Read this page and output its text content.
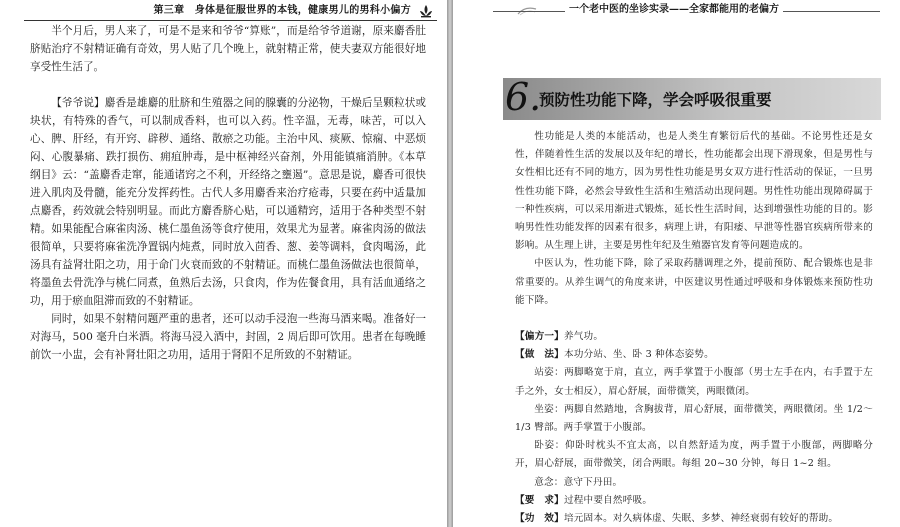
第三章　身体是征服世界的本钱，健康男儿的男科小偏方

半个月后，男人来了，可是不是来和爷爷“算账”，而是给爷爷道谢，原来麝香肚脐贴治疗不射精证确有奇效，男人贴了几个晚上，就射精正常，使夫妻双方能很好地享受性生活了。

【爷爷说】麝香是雄麝的肚脐和生殖器之间的腺囊的分泌物，干燥后呈颗粒状或块状，有特殊的香气，可以制成香料，也可以入药。性辛温，无毒，味苦，可以入心、脾、肝经，有开窍、辟秽、通络、散瘀之功能。主治中风、痰厥、惊痫、中恶烦闷、心腹暴痛、跌打损伤、痈疽肿毒，是中枢神经兴奋剂，外用能镇痛消肿。《本草纲目》云：“盖麝香走窜，能通诸窍之不利，开经络之壅遏”。意思是说，麝香可很快进入肌肉及骨髓，能充分发挥药性。古代人多用麝香来治疗疮毒，只要在药中适量加点麝香，药效就会特别明显。而此方麝香脐心贴，可以通精窍，适用于各种类型不射精。如果能配合麻雀肉汤、桃仁墨鱼汤等食疗使用，效果尤为显著。麻雀肉汤的做法很简单，只要将麻雀洗净置锅内炖煮，同时放入茴香、葱、姜等调料，食肉喝汤，此汤具有益肾壮阳之功，用于命门火衰而致的不射精证。而桃仁墨鱼汤做法也很简单，将墨鱼去骨洗净与桃仁同煮，鱼熟后去汤，只食肉，作为佐餐食用，具有活血通络之功，用于瘀血阻滞而致的不射精证。

同时，如果不射精问题严重的患者，还可以动手浸泡一些海马酒来喝。准备好一对海马，500 毫升白米酒。将海马浸入酒中，封固，2 周后即可饮用。患者在每晚睡前饮一小盅，会有补肾壮阳之功用，适用于肾阳不足所致的不射精证。

一个老中医的坐诊实录——全家都能用的老偏方
6.
预防性功能下降，学会呼吸很重要

性功能是人类的本能活动，也是人类生育繁衍后代的基础。不论男性还是女性，伴随着性生活的发展以及年纪的增长，性功能都会出现下滑现象，但是男性与女性相比还有不同的地方，因为男性性功能是男女双方进行性活动的保证，一旦男性性功能下降，必然会导致性生活和生殖活动出现问题。男性性功能出现障碍属于一种性疾病，可以采用渐进式锻炼，延长性生活时间，达到增强性功能的目的。影响男性性功能发挥的因素有很多，病理上讲，有阳痿、早泄等性器官疾病所带来的影响。从生理上讲，主要是男性年纪及生殖器官发育等问题造成的。

中医认为，性功能下降，除了采取药膳调理之外，提前预防、配合锻炼也是非常重要的。从养生调气的角度来讲，中医建议男性通过呼吸和身体锻炼来预防性功能下降。

【偏方一】养气功。

【做　法】本功分站、坐、卧 3 种体态姿势。

站姿：两脚略宽于肩，直立，两手掌置于小腹部（男士左手在内，右手置于左手之外，女士相反），眉心舒展，面带微笑，两眼微闭。

坐姿：两脚自然踏地，含胸拔背，眉心舒展，面带微笑，两眼微闭。坐 1/2～1/3 臀部。两手掌置于小腹部。

卧姿：仰卧时枕头不宜太高，以自然舒适为度，两手置于小腹部，两脚略分开，眉心舒展，面带微笑，闭合两眼。每组 20~30 分钟，每日 1~2 组。

意念：意守下丹田。

【要　求】过程中要自然呼吸。

【功　效】培元固本。对久病体虚、失眠、多梦、神经衰弱有较好的帮助。
